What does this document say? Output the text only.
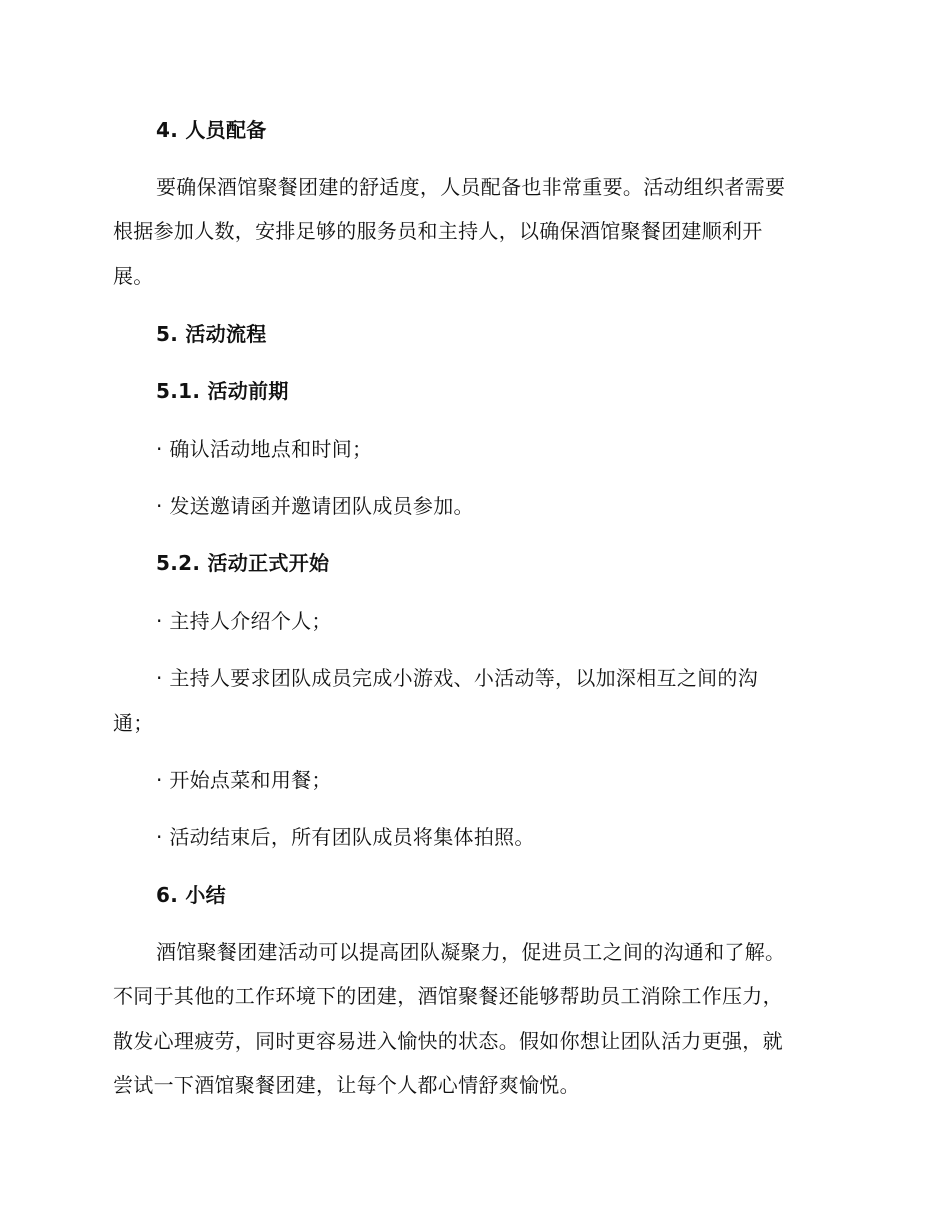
4. 人员配备
要确保酒馆聚餐团建的舒适度，人员配备也非常重要。活动组织者需要
根据参加人数，安排足够的服务员和主持人，以确保酒馆聚餐团建顺利开
展。
5. 活动流程
5.1. 活动前期
· 确认活动地点和时间；
· 发送邀请函并邀请团队成员参加。
5.2. 活动正式开始
· 主持人介绍个人；
· 主持人要求团队成员完成小游戏、小活动等，以加深相互之间的沟
通；
· 开始点菜和用餐；
· 活动结束后，所有团队成员将集体拍照。
6. 小结
酒馆聚餐团建活动可以提高团队凝聚力，促进员工之间的沟通和了解。
不同于其他的工作环境下的团建，酒馆聚餐还能够帮助员工消除工作压力，
散发心理疲劳，同时更容易进入愉快的状态。假如你想让团队活力更强，就
尝试一下酒馆聚餐团建，让每个人都心情舒爽愉悦。
